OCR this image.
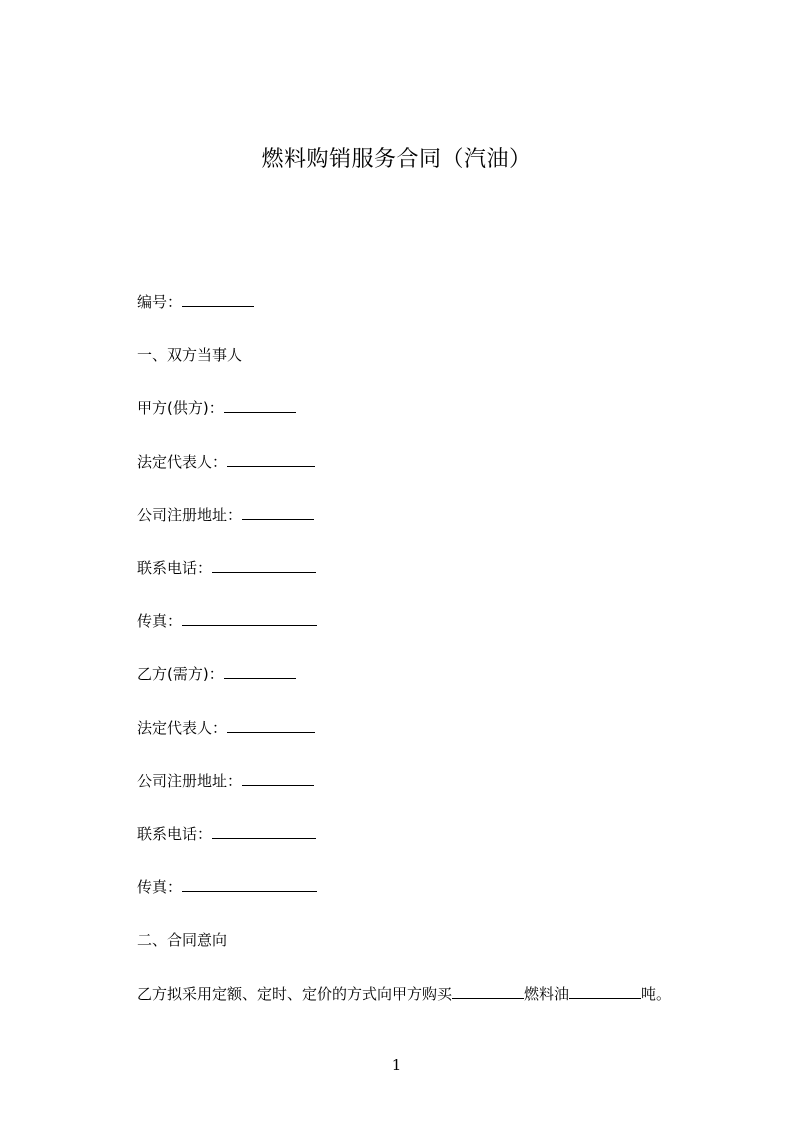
燃料购销服务合同（汽油）
编号：
一、双方当事人
甲方(供方)：
法定代表人：
公司注册地址：
联系电话：
传真：
乙方(需方)：
法定代表人：
公司注册地址：
联系电话：
传真：
二、合同意向
乙方拟采用定额、定时、定价的方式向甲方购买	燃料油	吨。
1
